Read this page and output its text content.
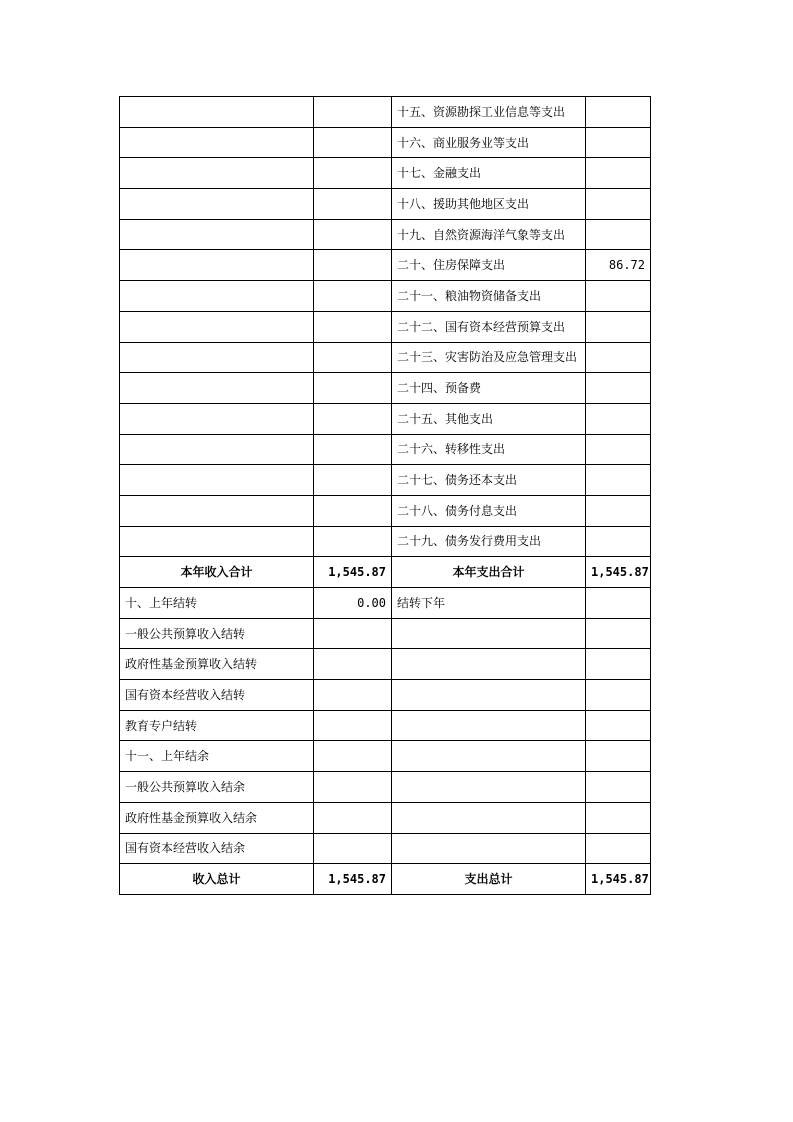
		十五、资源勘探工业信息等支出	
		十六、商业服务业等支出	
		十七、金融支出	
		十八、援助其他地区支出	
		十九、自然资源海洋气象等支出	
		二十、住房保障支出	86.72
		二十一、粮油物资储备支出	
		二十二、国有资本经营预算支出	
		二十三、灾害防治及应急管理支出	
		二十四、预备费	
		二十五、其他支出	
		二十六、转移性支出	
		二十七、债务还本支出	
		二十八、债务付息支出	
		二十九、债务发行费用支出	
本年收入合计	1,545.87	本年支出合计	1,545.87
十、上年结转	0.00	结转下年	
一般公共预算收入结转			
政府性基金预算收入结转			
国有资本经营收入结转			
教育专户结转			
十一、上年结余			
一般公共预算收入结余			
政府性基金预算收入结余			
国有资本经营收入结余			
收入总计	1,545.87	支出总计	1,545.87
